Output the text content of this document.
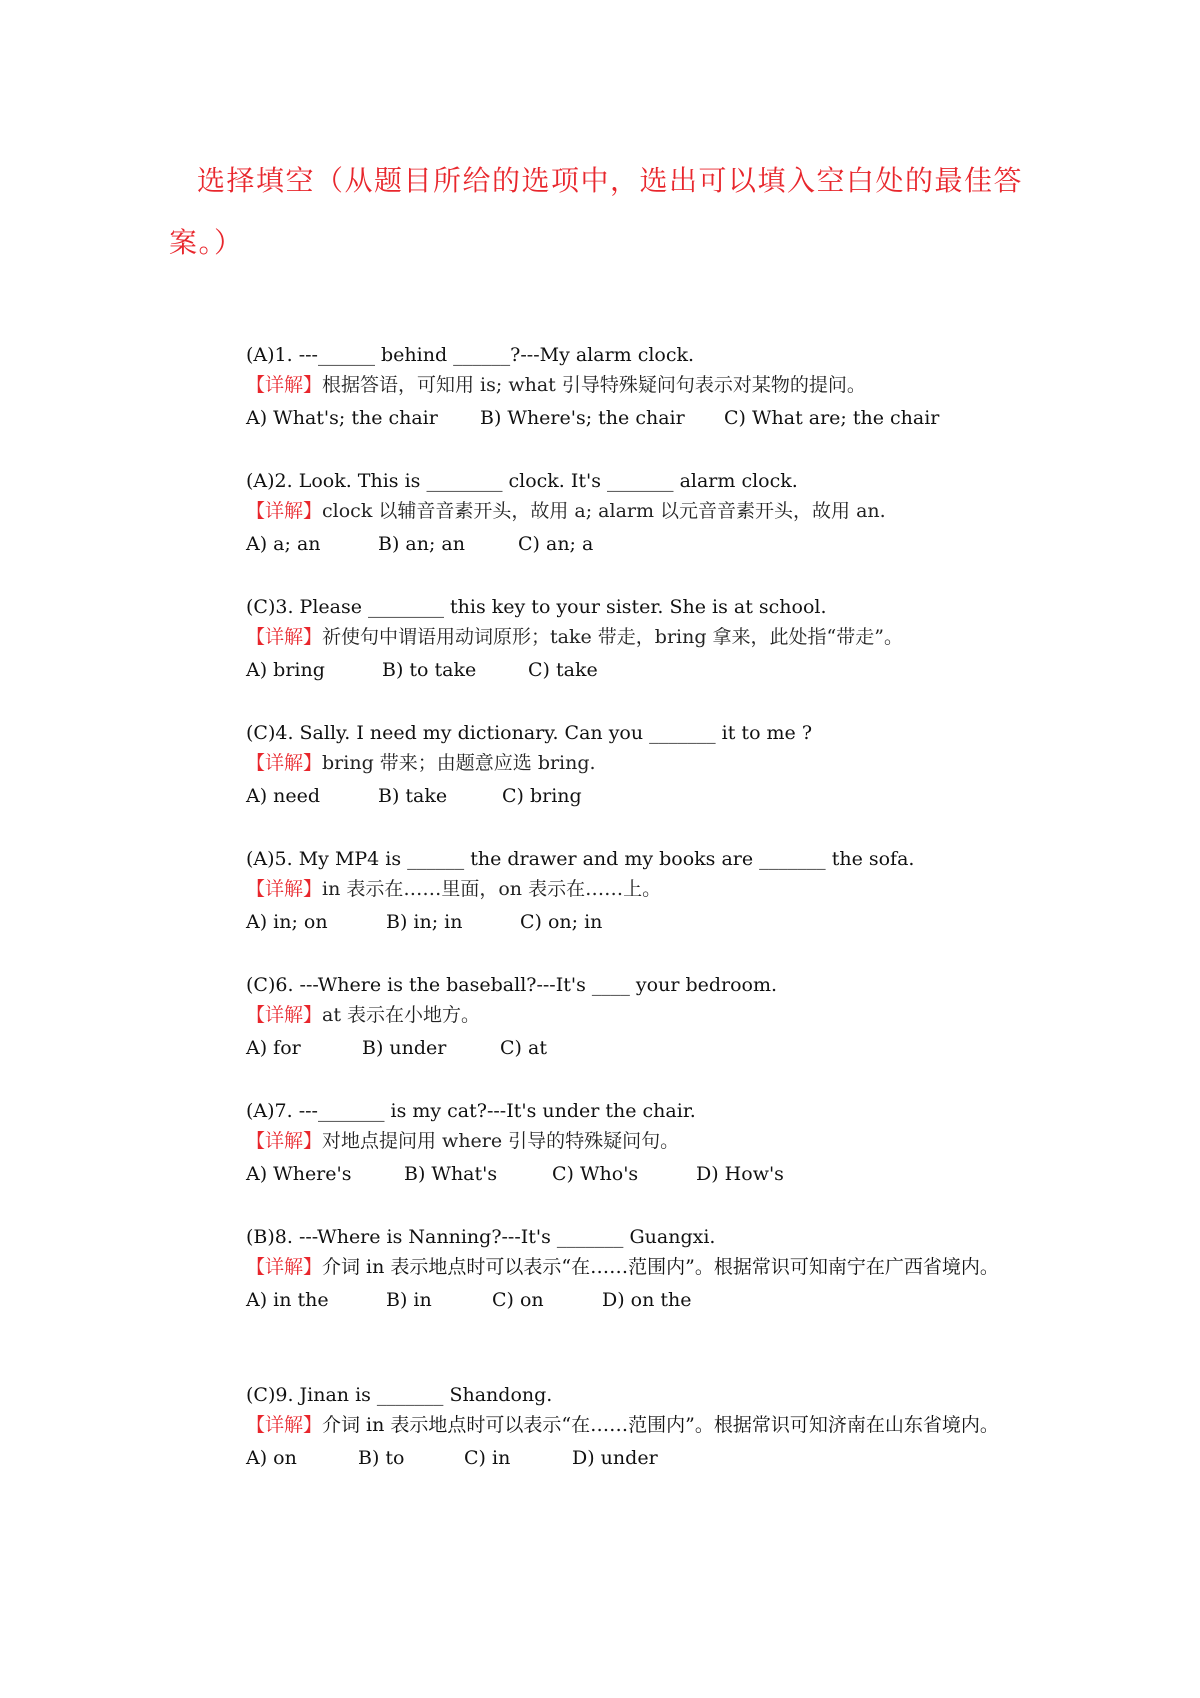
选择填空（从题目所给的选项中，选出可以填入空白处的最佳答
案。）
(A)1. ---______ behind ______?---My alarm clock.
【详解】根据答语，可知用 is; what 引导特殊疑问句表示对某物的提问。
A) What's; the chair B) Where's; the chair C) What are; the chair
(A)2. Look. This is ________ clock. It's _______ alarm clock.
【详解】clock 以辅音音素开头，故用 a; alarm 以元音音素开头，故用 an.
A) a; an	B) an; an	C) an; a
(C)3. Please ________ this key to your sister. She is at school.
【详解】祈使句中谓语用动词原形；take 带走，bring 拿来，此处指“带走”。
A) bring	B) to take	C) take
(C)4. Sally. I need my dictionary. Can you _______ it to me ?
【详解】bring 带来；由题意应选 bring.
A) need	B) take	C) bring
(A)5. My MP4 is ______ the drawer and my books are _______ the sofa.
【详解】in 表示在……里面，on 表示在……上。
A) in; on	B) in; in	C) on; in
(C)6. ---Where is the baseball?---It's ____ your bedroom.
【详解】at 表示在小地方。
A) for	B) under	C) at
(A)7. ---_______ is my cat?---It's under the chair.
【详解】对地点提问用 where 引导的特殊疑问句。
A) Where's	B) What's	C) Who's	D) How's
(B)8. ---Where is Nanning?---It's _______ Guangxi.
【详解】介词 in 表示地点时可以表示“在……范围内”。根据常识可知南宁在广西省境内。
A) in the	B) in	C) on	D) on the
(C)9. Jinan is _______ Shandong.
【详解】介词 in 表示地点时可以表示“在……范围内”。根据常识可知济南在山东省境内。
A) on	B) to	C) in	D) under
